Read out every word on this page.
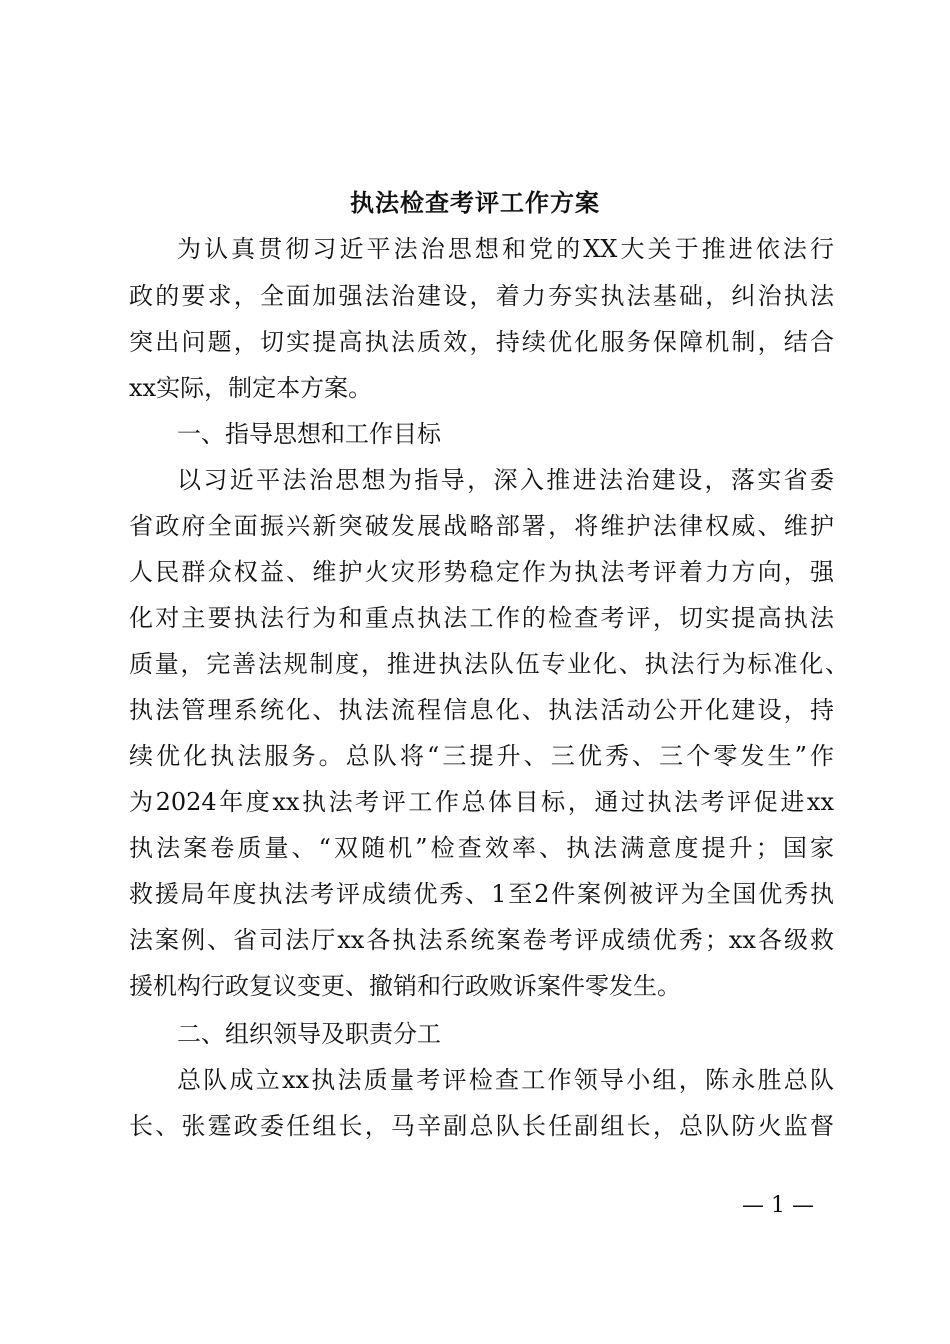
执法检查考评工作方案
为认真贯彻习近平法治思想和党的XX大关于推进依法行
政的要求，全面加强法治建设，着力夯实执法基础，纠治执法
突出问题，切实提高执法质效，持续优化服务保障机制，结合
xx实际，制定本方案。
一、指导思想和工作目标
以习近平法治思想为指导，深入推进法治建设，落实省委
省政府全面振兴新突破发展战略部署，将维护法律权威、维护
人民群众权益、维护火灾形势稳定作为执法考评着力方向，强
化对主要执法行为和重点执法工作的检查考评，切实提高执法
质量，完善法规制度，推进执法队伍专业化、执法行为标准化、
执法管理系统化、执法流程信息化、执法活动公开化建设，持
续优化执法服务。总队将“三提升、三优秀、三个零发生”作
为2024年度xx执法考评工作总体目标，通过执法考评促进xx
执法案卷质量、“双随机”检查效率、执法满意度提升；国家
救援局年度执法考评成绩优秀、1至2件案例被评为全国优秀执
法案例、省司法厅xx各执法系统案卷考评成绩优秀；xx各级救
援机构行政复议变更、撤销和行政败诉案件零发生。
二、组织领导及职责分工
总队成立xx执法质量考评检查工作领导小组，陈永胜总队
长、张霆政委任组长，马辛副总队长任副组长，总队防火监督
— 1 —
